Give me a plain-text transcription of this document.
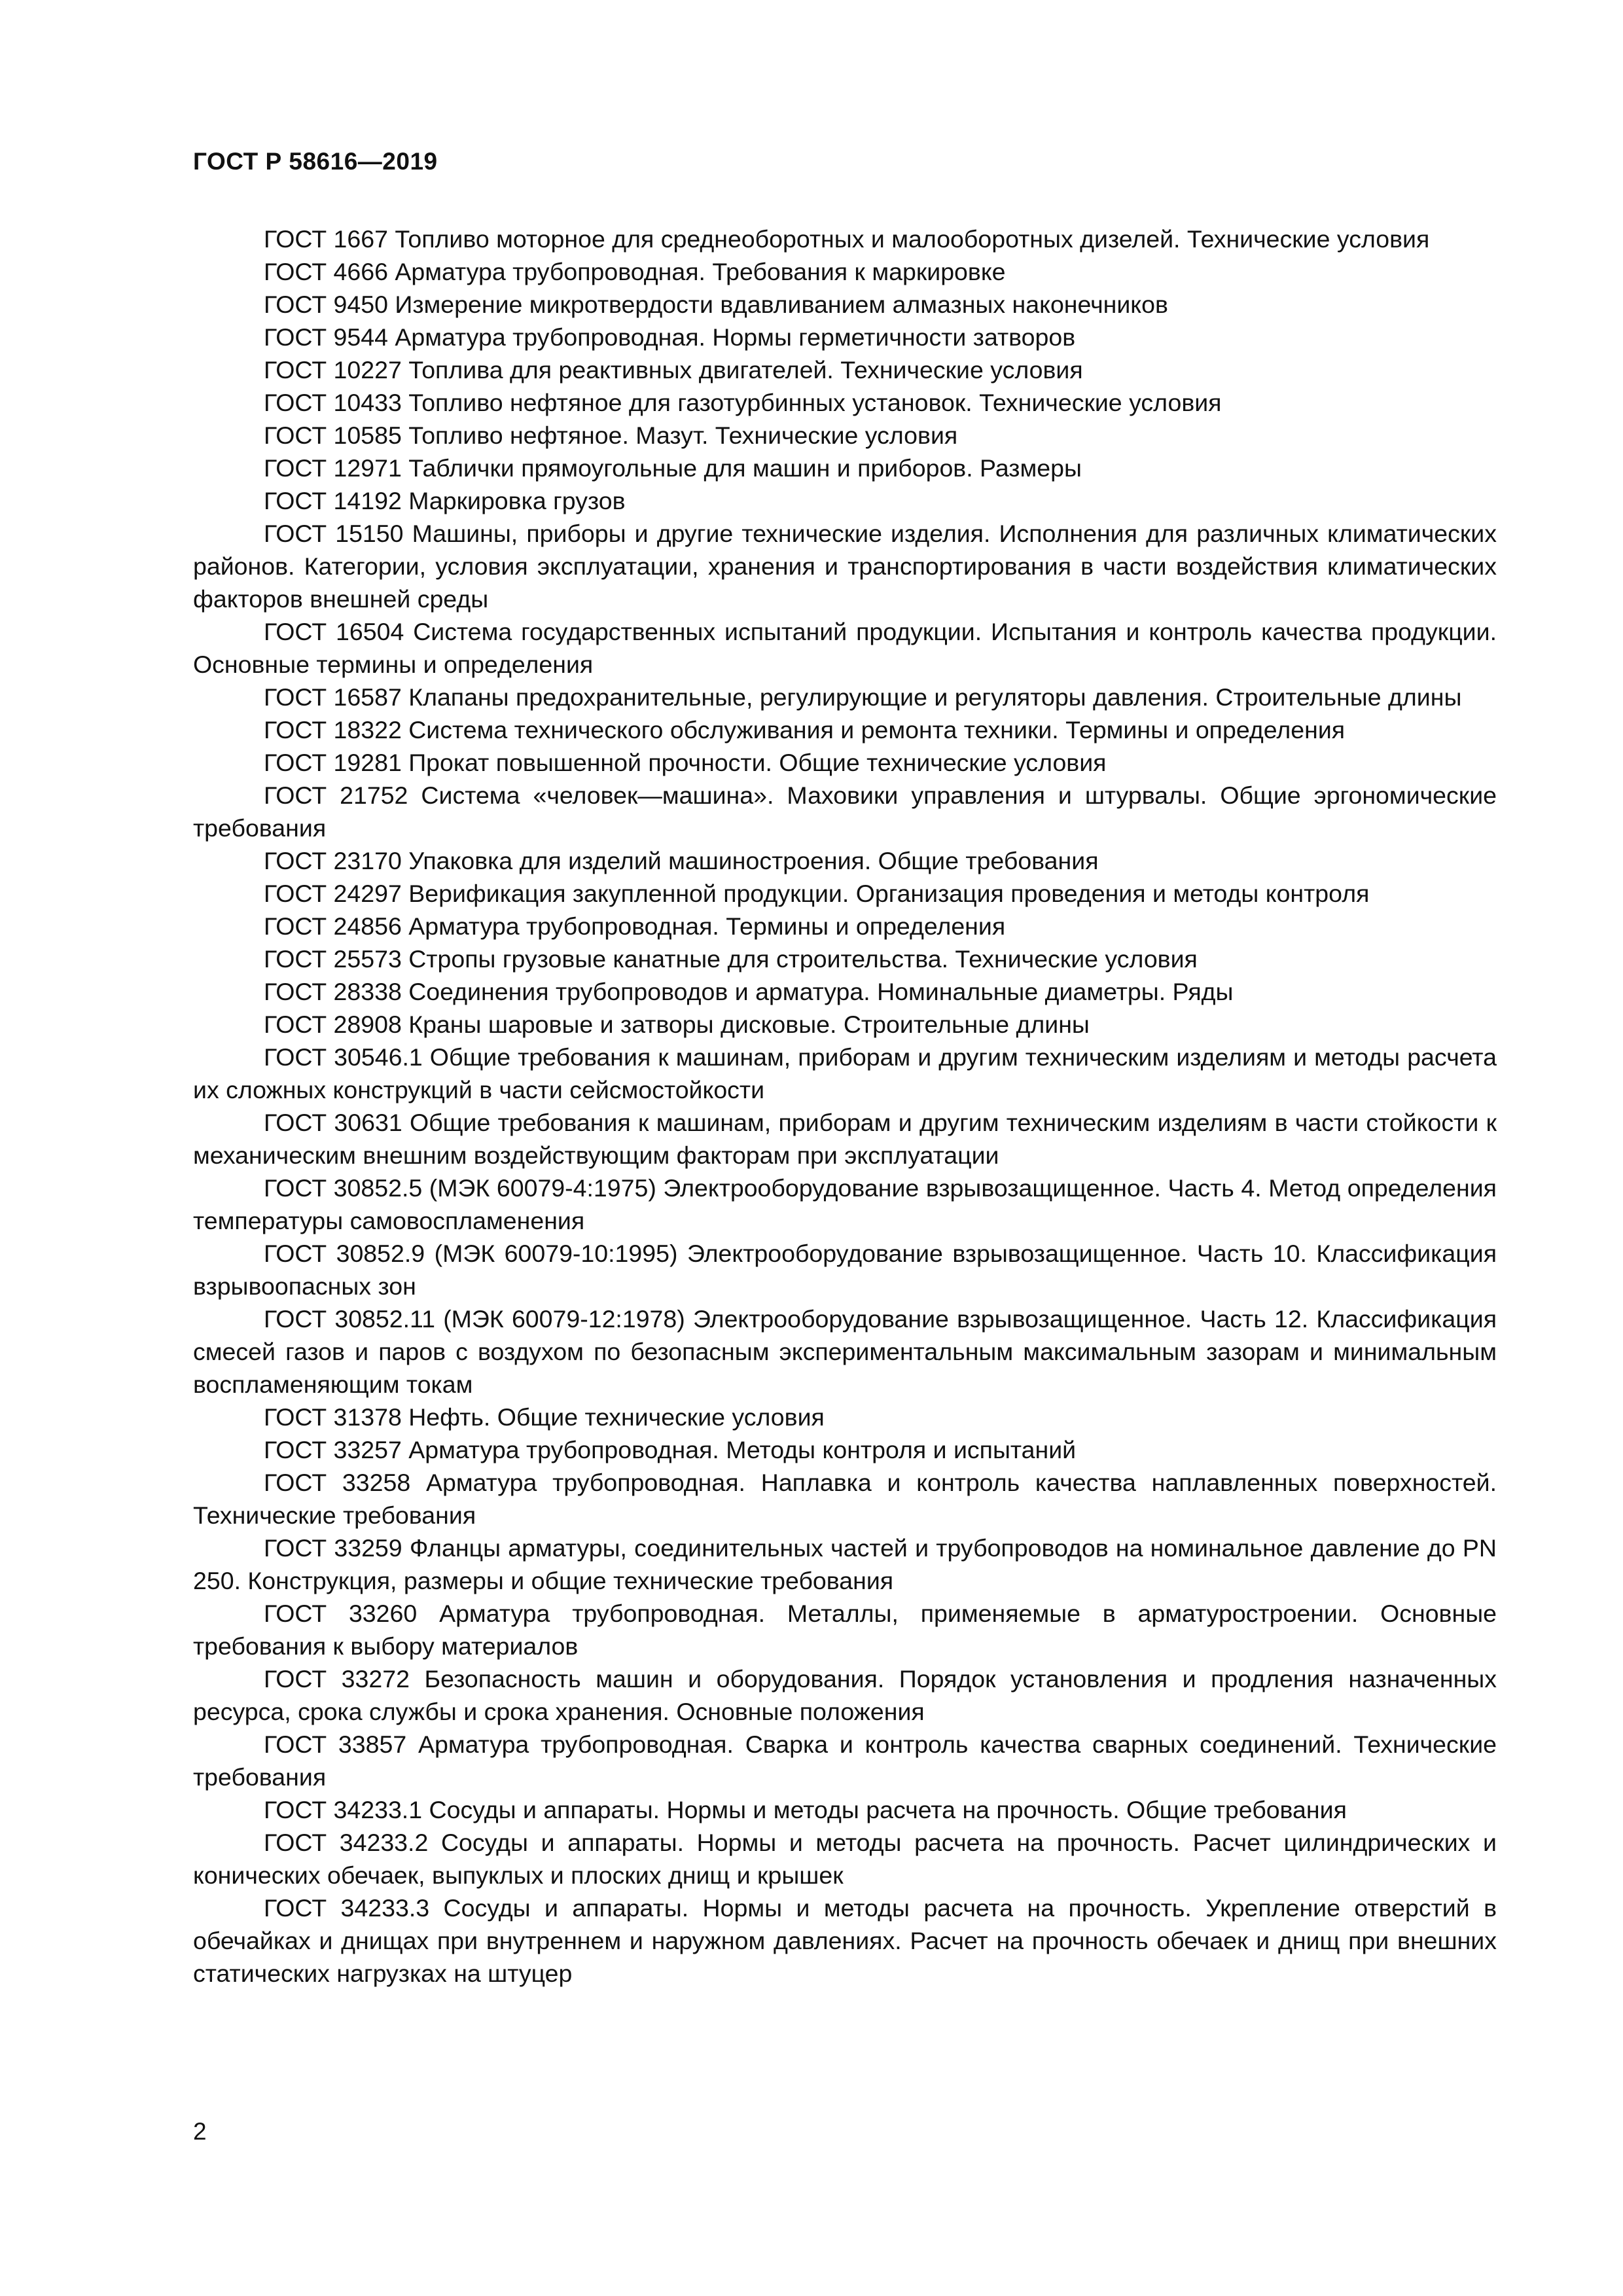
ГОСТ Р 58616—2019
ГОСТ 1667 Топливо моторное для среднеоборотных и малооборотных дизелей. Технические условия
ГОСТ 4666 Арматура трубопроводная. Требования к маркировке
ГОСТ 9450 Измерение микротвердости вдавливанием алмазных наконечников
ГОСТ 9544 Арматура трубопроводная. Нормы герметичности затворов
ГОСТ 10227 Топлива для реактивных двигателей. Технические условия
ГОСТ 10433 Топливо нефтяное для газотурбинных установок. Технические условия
ГОСТ 10585 Топливо нефтяное. Мазут. Технические условия
ГОСТ 12971 Таблички прямоугольные для машин и приборов. Размеры
ГОСТ 14192 Маркировка грузов
ГОСТ 15150 Машины, приборы и другие технические изделия. Исполнения для различных климатических районов. Категории, условия эксплуатации, хранения и транспортирования в части воздействия климатических факторов внешней среды
ГОСТ 16504 Система государственных испытаний продукции. Испытания и контроль качества продукции. Основные термины и определения
ГОСТ 16587 Клапаны предохранительные, регулирующие и регуляторы давления. Строительные длины
ГОСТ 18322 Система технического обслуживания и ремонта техники. Термины и определения
ГОСТ 19281 Прокат повышенной прочности. Общие технические условия
ГОСТ 21752 Система «человек—машина». Маховики управления и штурвалы. Общие эргономические требования
ГОСТ 23170 Упаковка для изделий машиностроения. Общие требования
ГОСТ 24297 Верификация закупленной продукции. Организация проведения и методы контроля
ГОСТ 24856 Арматура трубопроводная. Термины и определения
ГОСТ 25573 Стропы грузовые канатные для строительства. Технические условия
ГОСТ 28338 Соединения трубопроводов и арматура. Номинальные диаметры. Ряды
ГОСТ 28908 Краны шаровые и затворы дисковые. Строительные длины
ГОСТ 30546.1 Общие требования к машинам, приборам и другим техническим изделиям и методы расчета их сложных конструкций в части сейсмостойкости
ГОСТ 30631 Общие требования к машинам, приборам и другим техническим изделиям в части стойкости к механическим внешним воздействующим факторам при эксплуатации
ГОСТ 30852.5 (МЭК 60079-4:1975) Электрооборудование взрывозащищенное. Часть 4. Метод определения температуры самовоспламенения
ГОСТ 30852.9 (МЭК 60079-10:1995) Электрооборудование взрывозащищенное. Часть 10. Классификация взрывоопасных зон
ГОСТ 30852.11 (МЭК 60079-12:1978) Электрооборудование взрывозащищенное. Часть 12. Классификация смесей газов и паров с воздухом по безопасным экспериментальным максимальным зазорам и минимальным воспламеняющим токам
ГОСТ 31378 Нефть. Общие технические условия
ГОСТ 33257 Арматура трубопроводная. Методы контроля и испытаний
ГОСТ 33258 Арматура трубопроводная. Наплавка и контроль качества наплавленных поверхностей. Технические требования
ГОСТ 33259 Фланцы арматуры, соединительных частей и трубопроводов на номинальное давление до PN 250. Конструкция, размеры и общие технические требования
ГОСТ 33260 Арматура трубопроводная. Металлы, применяемые в арматуростроении. Основные требования к выбору материалов
ГОСТ 33272 Безопасность машин и оборудования. Порядок установления и продления назначенных ресурса, срока службы и срока хранения. Основные положения
ГОСТ 33857 Арматура трубопроводная. Сварка и контроль качества сварных соединений. Технические требования
ГОСТ 34233.1 Сосуды и аппараты. Нормы и методы расчета на прочность. Общие требования
ГОСТ 34233.2 Сосуды и аппараты. Нормы и методы расчета на прочность. Расчет цилиндрических и конических обечаек, выпуклых и плоских днищ и крышек
ГОСТ 34233.3 Сосуды и аппараты. Нормы и методы расчета на прочность. Укрепление отверстий в обечайках и днищах при внутреннем и наружном давлениях. Расчет на прочность обечаек и днищ при внешних статических нагрузках на штуцер
2
